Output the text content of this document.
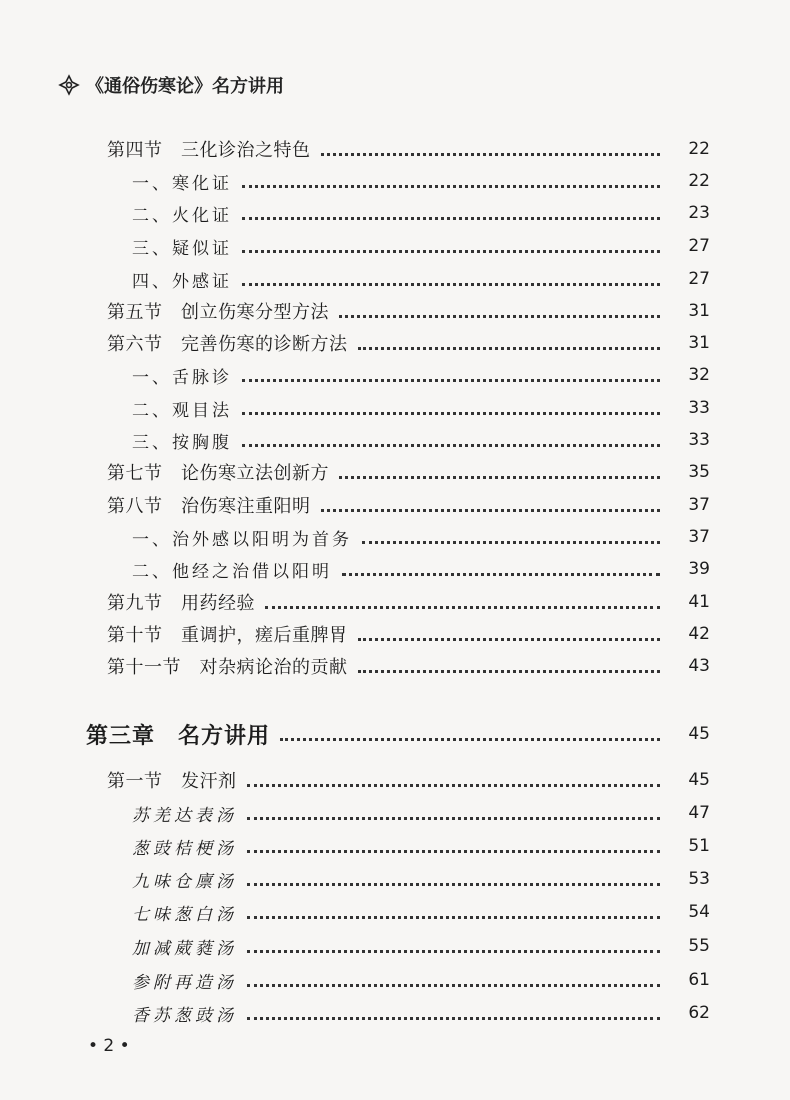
《通俗伤寒论》名方讲用
第四节　三化诊治之特色	22
一、寒化证	22
二、火化证	23
三、疑似证	27
四、外感证	27
第五节　创立伤寒分型方法	31
第六节　完善伤寒的诊断方法	31
一、舌脉诊	32
二、观目法	33
三、按胸腹	33
第七节　论伤寒立法创新方	35
第八节　治伤寒注重阳明	37
一、治外感以阳明为首务	37
二、他经之治借以阳明	39
第九节　用药经验	41
第十节　重调护，瘥后重脾胃	42
第十一节　对杂病论治的贡献	43
第三章　名方讲用	45
第一节　发汗剂	45
苏羌达表汤	47
葱豉桔梗汤	51
九味仓廪汤	53
七味葱白汤	54
加减葳蕤汤	55
参附再造汤	61
香苏葱豉汤	62
• 2 •
